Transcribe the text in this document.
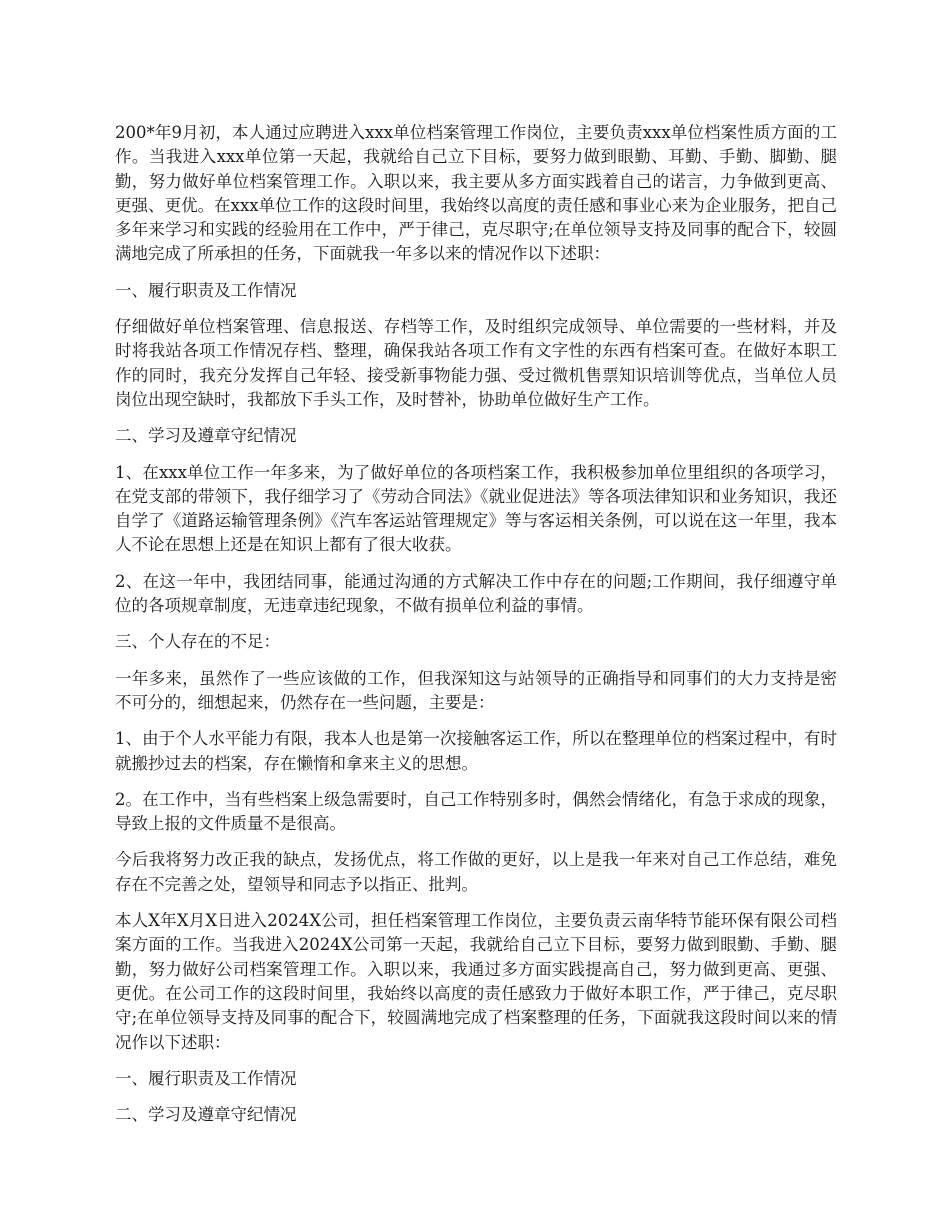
200*年9月初，本人通过应聘进入xxx单位档案管理工作岗位，主要负责xxx单位档案性质方面的工作。当我进入xxx单位第一天起，我就给自己立下目标，要努力做到眼勤、耳勤、手勤、脚勤、腿勤，努力做好单位档案管理工作。入职以来，我主要从多方面实践着自己的诺言，力争做到更高、更强、更优。在xxx单位工作的这段时间里，我始终以高度的责任感和事业心来为企业服务，把自己多年来学习和实践的经验用在工作中，严于律己，克尽职守;在单位领导支持及同事的配合下，较圆满地完成了所承担的任务，下面就我一年多以来的情况作以下述职：

一、履行职责及工作情况

仔细做好单位档案管理、信息报送、存档等工作，及时组织完成领导、单位需要的一些材料，并及时将我站各项工作情况存档、整理，确保我站各项工作有文字性的东西有档案可查。在做好本职工作的同时，我充分发挥自己年轻、接受新事物能力强、受过微机售票知识培训等优点，当单位人员岗位出现空缺时，我都放下手头工作，及时替补，协助单位做好生产工作。

二、学习及遵章守纪情况

1、在xxx单位工作一年多来，为了做好单位的各项档案工作，我积极参加单位里组织的各项学习，在党支部的带领下，我仔细学习了《劳动合同法》《就业促进法》等各项法律知识和业务知识，我还自学了《道路运输管理条例》《汽车客运站管理规定》等与客运相关条例，可以说在这一年里，我本人不论在思想上还是在知识上都有了很大收获。

2、在这一年中，我团结同事，能通过沟通的方式解决工作中存在的问题;工作期间，我仔细遵守单位的各项规章制度，无违章违纪现象，不做有损单位利益的事情。

三、个人存在的不足：

一年多来，虽然作了一些应该做的工作，但我深知这与站领导的正确指导和同事们的大力支持是密不可分的，细想起来，仍然存在一些问题，主要是：

1、由于个人水平能力有限，我本人也是第一次接触客运工作，所以在整理单位的档案过程中，有时就搬抄过去的档案，存在懒惰和拿来主义的思想。

2。在工作中，当有些档案上级急需要时，自己工作特别多时，偶然会情绪化，有急于求成的现象，导致上报的文件质量不是很高。

今后我将努力改正我的缺点，发扬优点，将工作做的更好，以上是我一年来对自己工作总结，难免存在不完善之处，望领导和同志予以指正、批判。

本人X年X月X日进入2024X公司，担任档案管理工作岗位，主要负责云南华特节能环保有限公司档案方面的工作。当我进入2024X公司第一天起，我就给自己立下目标，要努力做到眼勤、手勤、腿勤，努力做好公司档案管理工作。入职以来，我通过多方面实践提高自己，努力做到更高、更强、更优。在公司工作的这段时间里，我始终以高度的责任感致力于做好本职工作，严于律己，克尽职守;在单位领导支持及同事的配合下，较圆满地完成了档案整理的任务，下面就我这段时间以来的情况作以下述职：

一、履行职责及工作情况

二、学习及遵章守纪情况
